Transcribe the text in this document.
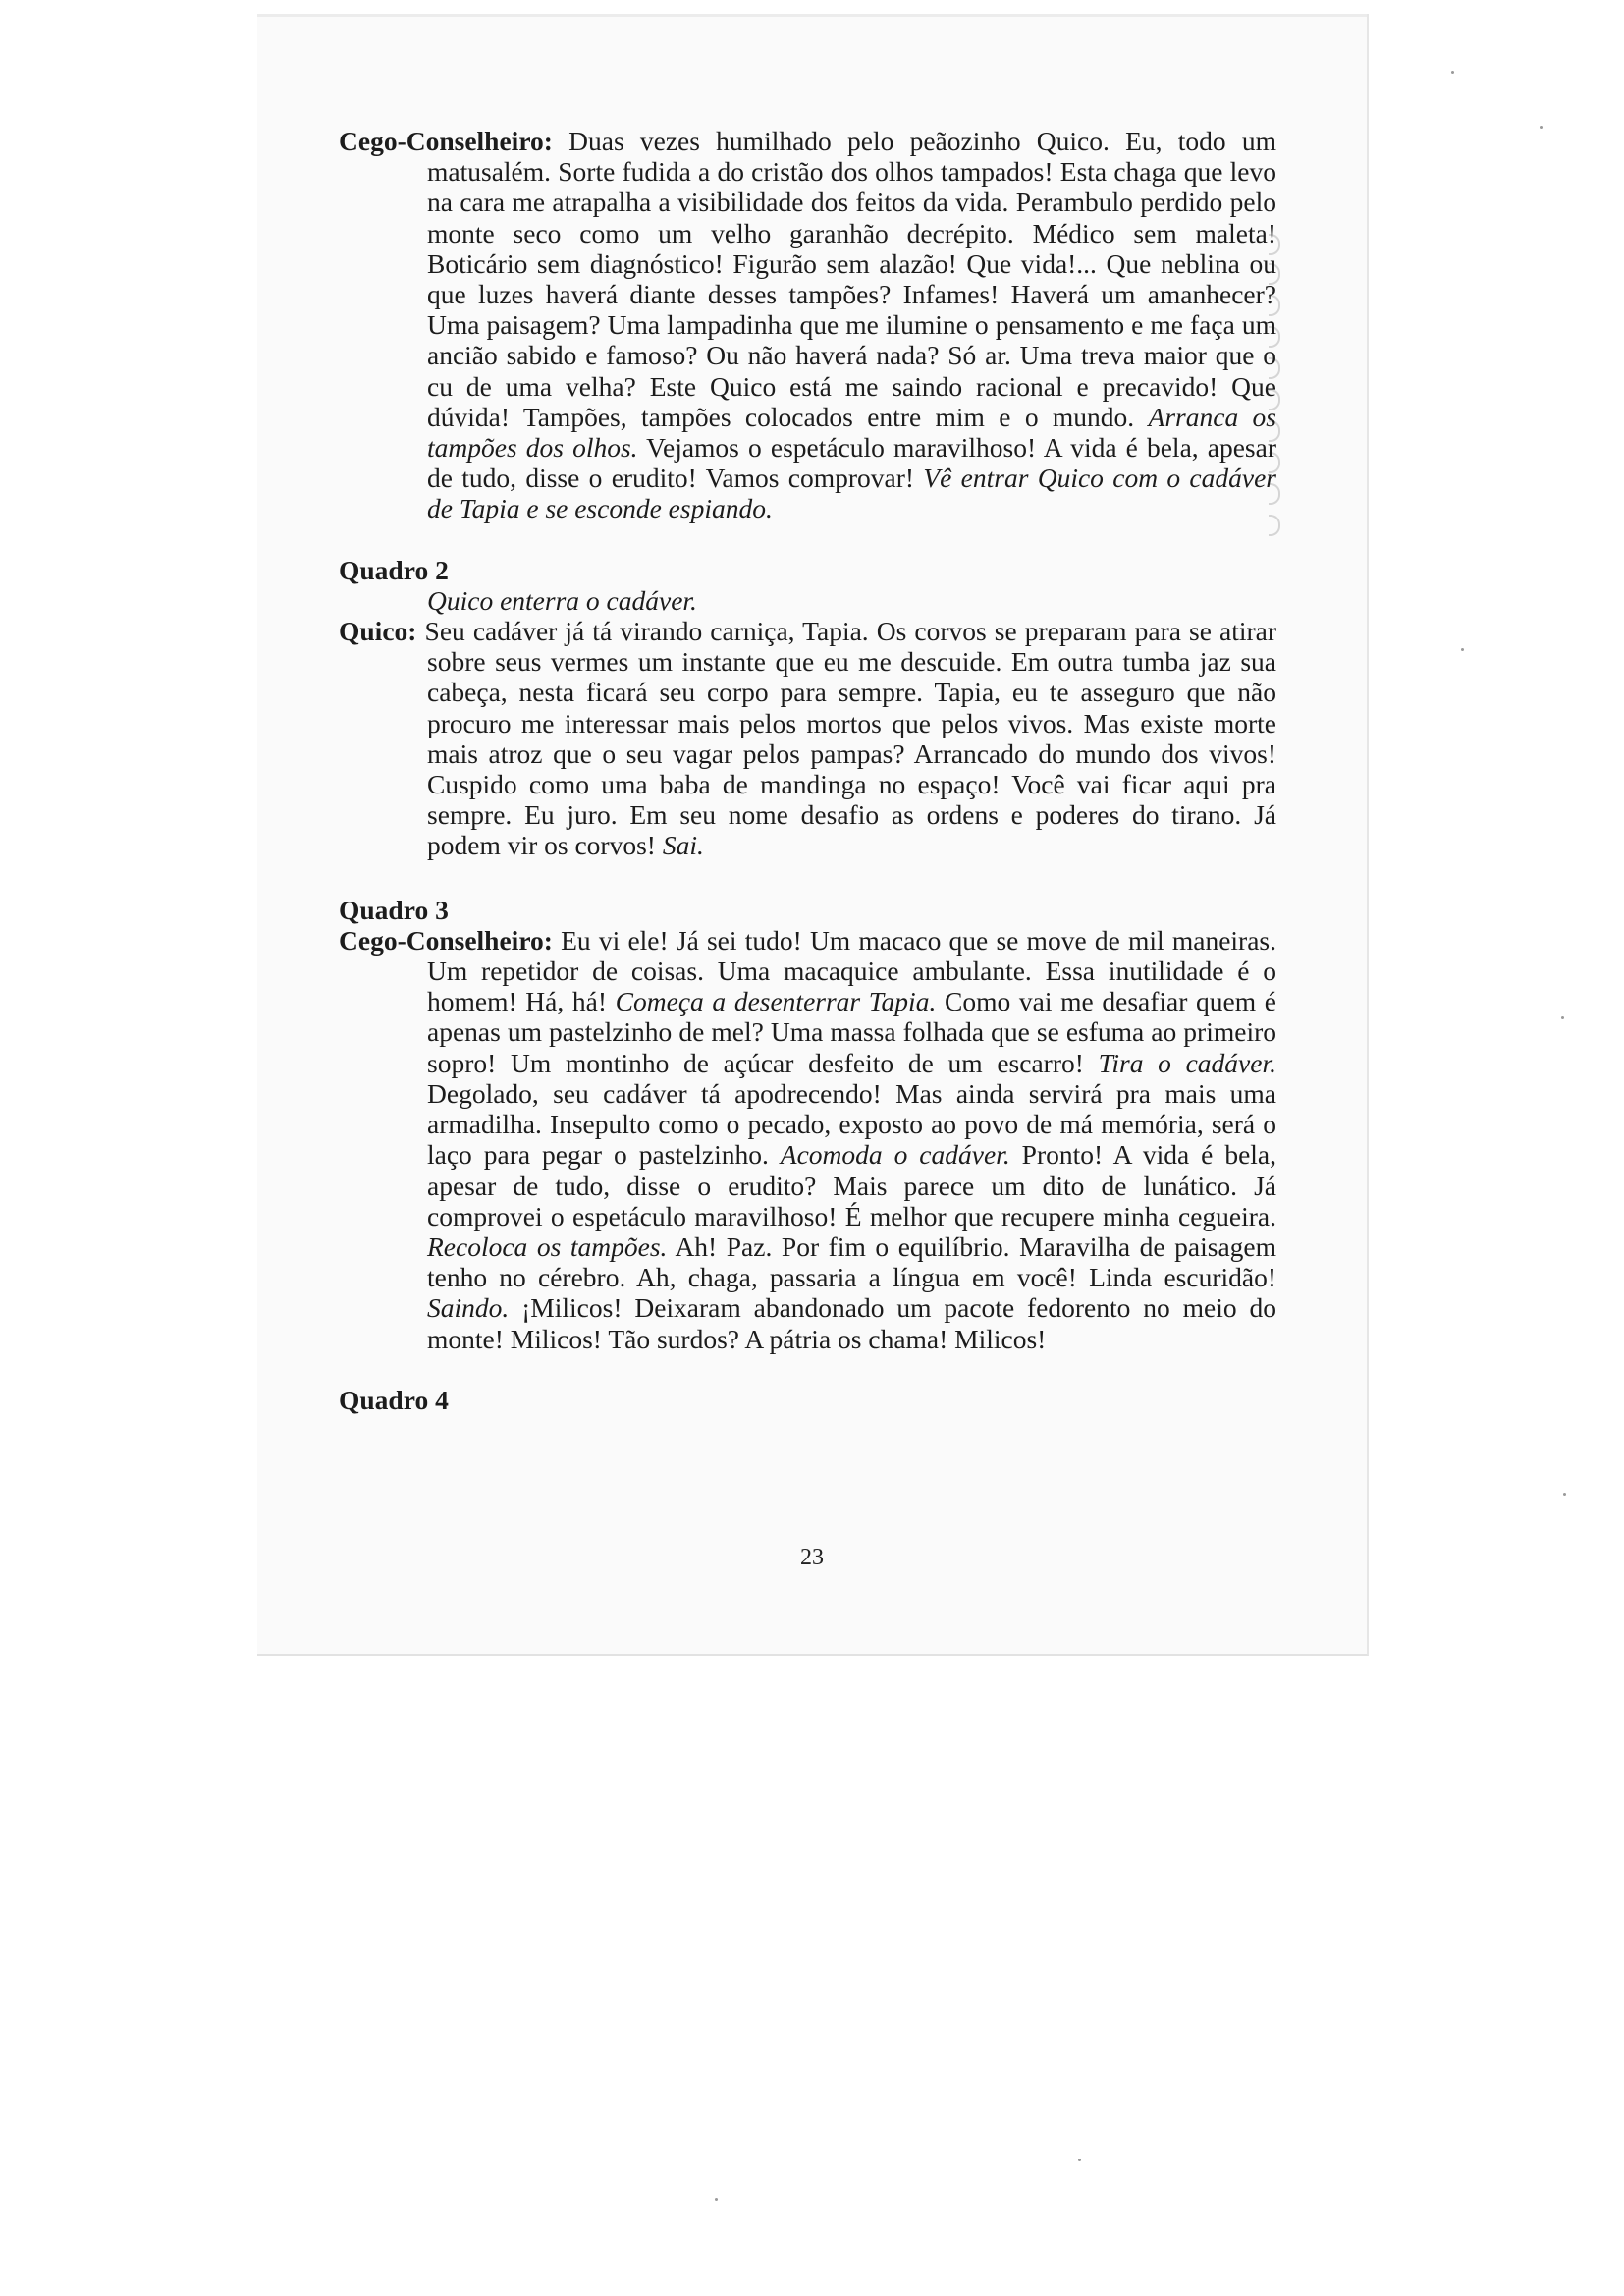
Cego-Conselheiro: Duas vezes humilhado pelo peãozinho Quico. Eu, todo um matusalém. Sorte fudida a do cristão dos olhos tampados! Esta chaga que levo na cara me atrapalha a visibilidade dos feitos da vida. Perambulo perdido pelo monte seco como um velho garanhão decrépito. Médico sem maleta! Boticário sem diagnóstico! Figurão sem alazão! Que vida!... Que neblina ou que luzes haverá diante desses tampões? Infames! Haverá um amanhecer? Uma paisagem? Uma lampadinha que me ilumine o pensamento e me faça um ancião sabido e famoso? Ou não haverá nada? Só ar. Uma treva maior que o cu de uma velha? Este Quico está me saindo racional e precavido! Que dúvida! Tampões, tampões colocados entre mim e o mundo. Arranca os tampões dos olhos. Vejamos o espetáculo maravilhoso! A vida é bela, apesar de tudo, disse o erudito! Vamos comprovar! Vê entrar Quico com o cadáver de Tapia e se esconde espiando.

Quadro 2

Quico enterra o cadáver.

Quico: Seu cadáver já tá virando carniça, Tapia. Os corvos se preparam para se atirar sobre seus vermes um instante que eu me descuide. Em outra tumba jaz sua cabeça, nesta ficará seu corpo para sempre. Tapia, eu te asseguro que não procuro me interessar mais pelos mortos que pelos vivos. Mas existe morte mais atroz que o seu vagar pelos pampas? Arrancado do mundo dos vivos! Cuspido como uma baba de mandinga no espaço! Você vai ficar aqui pra sempre. Eu juro. Em seu nome desafio as ordens e poderes do tirano. Já podem vir os corvos! Sai.

Quadro 3

Cego-Conselheiro: Eu vi ele! Já sei tudo! Um macaco que se move de mil maneiras. Um repetidor de coisas. Uma macaquice ambulante. Essa inutilidade é o homem! Há, há! Começa a desenterrar Tapia. Como vai me desafiar quem é apenas um pastelzinho de mel? Uma massa folhada que se esfuma ao primeiro sopro! Um montinho de açúcar desfeito de um escarro! Tira o cadáver. Degolado, seu cadáver tá apodrecendo! Mas ainda servirá pra mais uma armadilha. Insepulto como o pecado, exposto ao povo de má memória, será o laço para pegar o pastelzinho. Acomoda o cadáver. Pronto! A vida é bela, apesar de tudo, disse o erudito? Mais parece um dito de lunático. Já comprovei o espetáculo maravilhoso! É melhor que recupere minha cegueira. Recoloca os tampões. Ah! Paz. Por fim o equilíbrio. Maravilha de paisagem tenho no cérebro. Ah, chaga, passaria a língua em você! Linda escuridão! Saindo. ¡Milicos! Deixaram abandonado um pacote fedorento no meio do monte! Milicos! Tão surdos? A pátria os chama! Milicos!

Quadro 4

23
